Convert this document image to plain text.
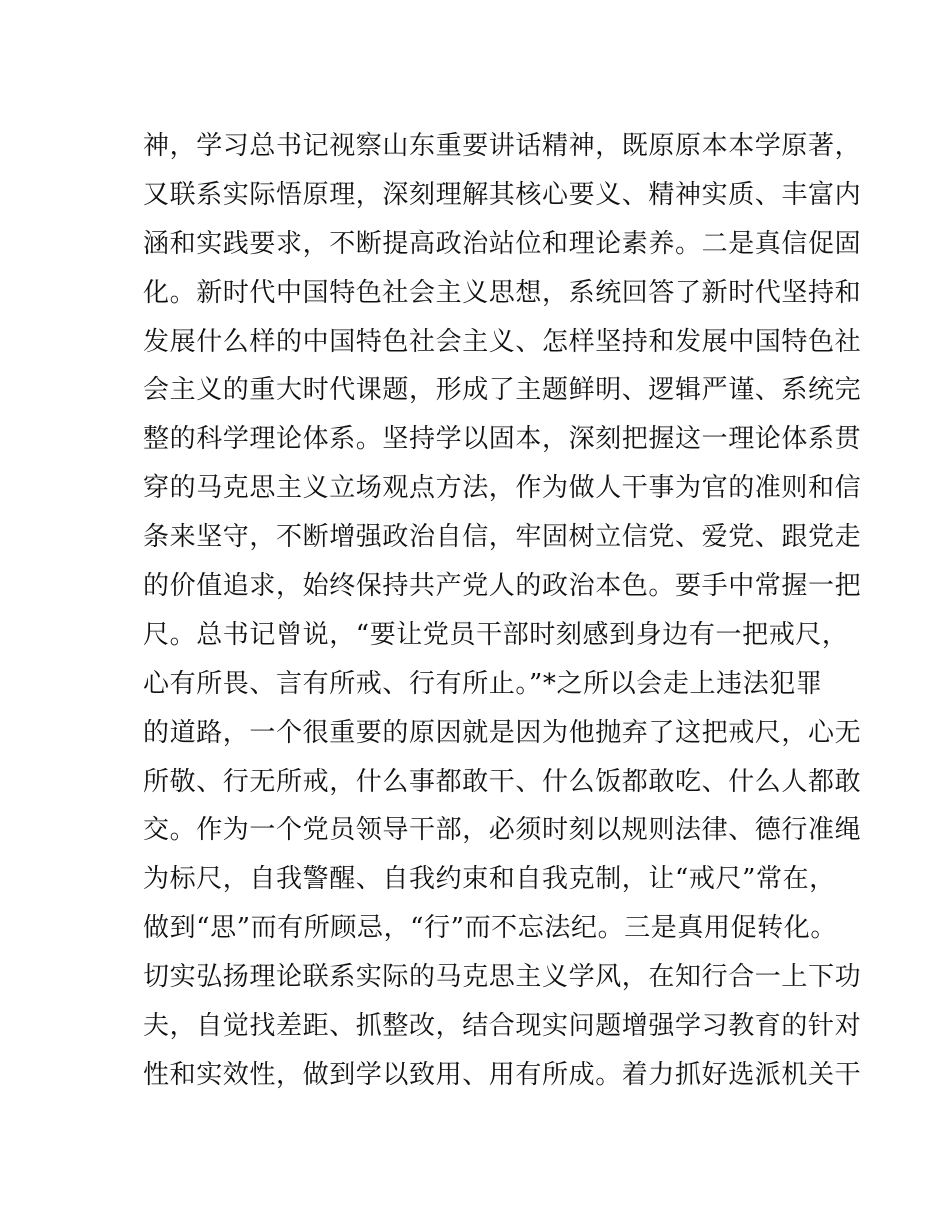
神，学习总书记视察山东重要讲话精神，既原原本本学原著，
又联系实际悟原理，深刻理解其核心要义、精神实质、丰富内
涵和实践要求，不断提高政治站位和理论素养。二是真信促固
化。新时代中国特色社会主义思想，系统回答了新时代坚持和
发展什么样的中国特色社会主义、怎样坚持和发展中国特色社
会主义的重大时代课题，形成了主题鲜明、逻辑严谨、系统完
整的科学理论体系。坚持学以固本，深刻把握这一理论体系贯
穿的马克思主义立场观点方法，作为做人干事为官的准则和信
条来坚守，不断增强政治自信，牢固树立信党、爱党、跟党走
的价值追求，始终保持共产党人的政治本色。要手中常握一把
尺。总书记曾说，“要让党员干部时刻感到身边有一把戒尺，
心有所畏、言有所戒、行有所止。”*之所以会走上违法犯罪
的道路，一个很重要的原因就是因为他抛弃了这把戒尺，心无
所敬、行无所戒，什么事都敢干、什么饭都敢吃、什么人都敢
交。作为一个党员领导干部，必须时刻以规则法律、德行准绳
为标尺，自我警醒、自我约束和自我克制，让“戒尺”常在，
做到“思”而有所顾忌，“行”而不忘法纪。三是真用促转化。
切实弘扬理论联系实际的马克思主义学风，在知行合一上下功
夫，自觉找差距、抓整改，结合现实问题增强学习教育的针对
性和实效性，做到学以致用、用有所成。着力抓好选派机关干
